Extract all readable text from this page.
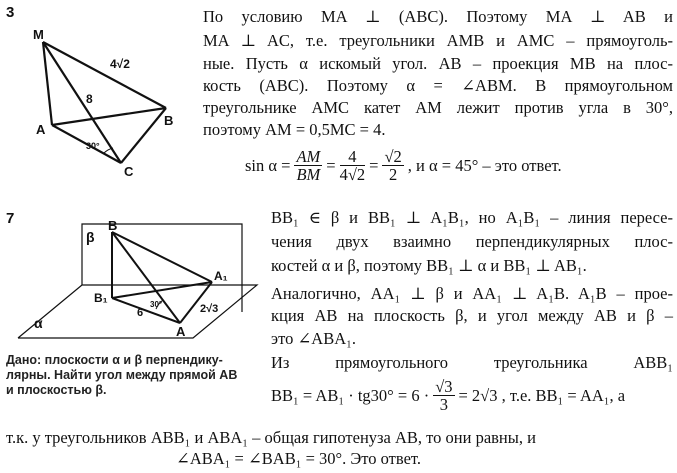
3
M
A
B
C
4√2
8
30°
По условию MA ⊥ (ABC). Поэтому MA ⊥ AB и
MA ⊥ AC, т.е. треугольники AMB и AMC – прямоуголь-
ные. Пусть α искомый угол. AB – проекция MB на плос-
кость (ABC). Поэтому α = ∠ABM. В прямоугольном
треугольнике AMC катет AM лежит против угла в 30°,
поэтому AM = 0,5MC = 4.
$\sin \alpha = \frac{AM}{BM} = \frac{4}{4√2} = \frac{√2}{2}$ , и α = 45° – это ответ.
7
β
α
B
B₁
A
A₁
6	2√3
30°
Дано: плоскости α и β перпендику-
лярны. Найти угол между прямой AB
и плоскостью β.
BB₁ ∈ β и BB₁ ⊥ A₁B₁, но A₁B₁ – линия пересе-
чения двух взаимно перпендикулярных плос-
костей α и β, поэтому BB₁ ⊥ α и BB₁ ⊥ AB₁.
Аналогично, AA₁ ⊥ β и AA₁ ⊥ A₁B. A₁B – прое-
кция AB на плоскость β, и угол между AB и β –
это ∠ABA₁.
Из прямоугольного треугольника ABB₁
$BB_1 = AB_1 \cdot tg30^\circ = 6 \cdot \frac{√3}{3} = 2√3$ , т.е. BB₁ = AA₁, а
т.к. у треугольников ABB₁ и ABA₁ – общая гипотенуза AB, то они равны, и
∠ABA₁ = ∠BAB₁ = 30°. Это ответ.
